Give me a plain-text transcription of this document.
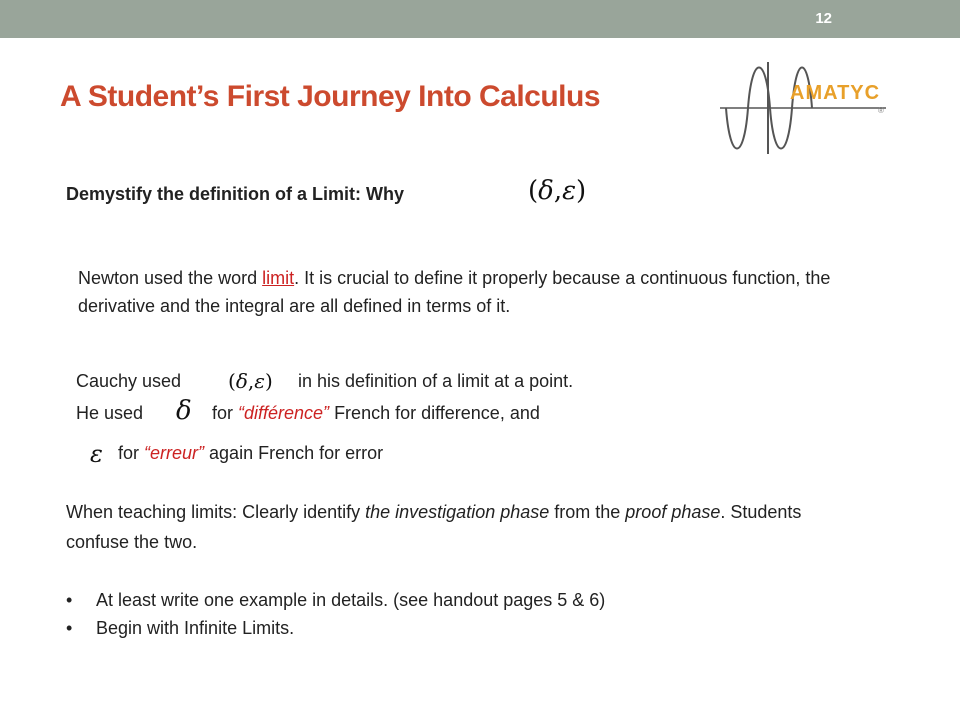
12
A Student’s First Journey Into Calculus	AMATYC
®
Demystify the definition of a Limit: Why	(δ,ε)

Newton used the word limit. It is crucial to define it properly because a continuous function, the derivative and the integral are all defined in terms of it.

Cauchy used (δ,ε) in his definition of a limit at a point.
He used δ for “différence” French for difference, and
ε for “erreur” again French for error

When teaching limits: Clearly identify the investigation phase from the proof phase. Students confuse the two.

• At least write one example in details. (see handout pages 5 & 6)
• Begin with Infinite Limits.
